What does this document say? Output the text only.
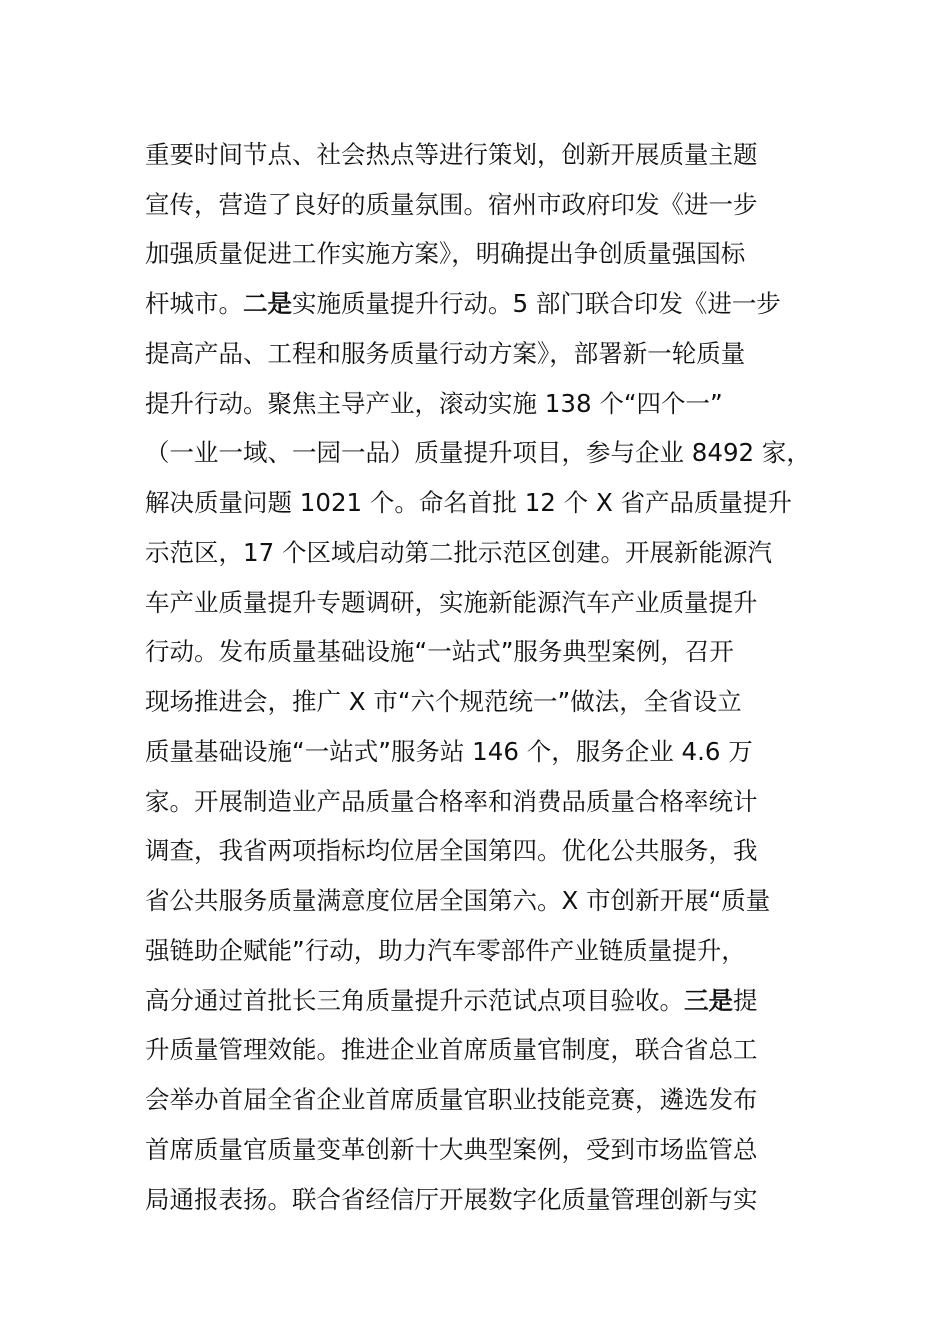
重要时间节点、社会热点等进行策划，创新开展质量主题
宣传，营造了良好的质量氛围。宿州市政府印发《进一步
加强质量促进工作实施方案》，明确提出争创质量强国标
杆城市。二是实施质量提升行动。5 部门联合印发《进一步
提高产品、工程和服务质量行动方案》，部署新一轮质量
提升行动。聚焦主导产业，滚动实施 138 个“四个一”
（一业一域、一园一品）质量提升项目，参与企业 8492 家，
解决质量问题 1021 个。命名首批 12 个 X 省产品质量提升
示范区，17 个区域启动第二批示范区创建。开展新能源汽
车产业质量提升专题调研，实施新能源汽车产业质量提升
行动。发布质量基础设施“一站式”服务典型案例，召开
现场推进会，推广 X 市“六个规范统一”做法，全省设立
质量基础设施“一站式”服务站 146 个，服务企业 4.6 万
家。开展制造业产品质量合格率和消费品质量合格率统计
调查，我省两项指标均位居全国第四。优化公共服务，我
省公共服务质量满意度位居全国第六。X 市创新开展“质量
强链助企赋能”行动，助力汽车零部件产业链质量提升，
高分通过首批长三角质量提升示范试点项目验收。三是提
升质量管理效能。推进企业首席质量官制度，联合省总工
会举办首届全省企业首席质量官职业技能竞赛，遴选发布
首席质量官质量变革创新十大典型案例，受到市场监管总
局通报表扬。联合省经信厅开展数字化质量管理创新与实
